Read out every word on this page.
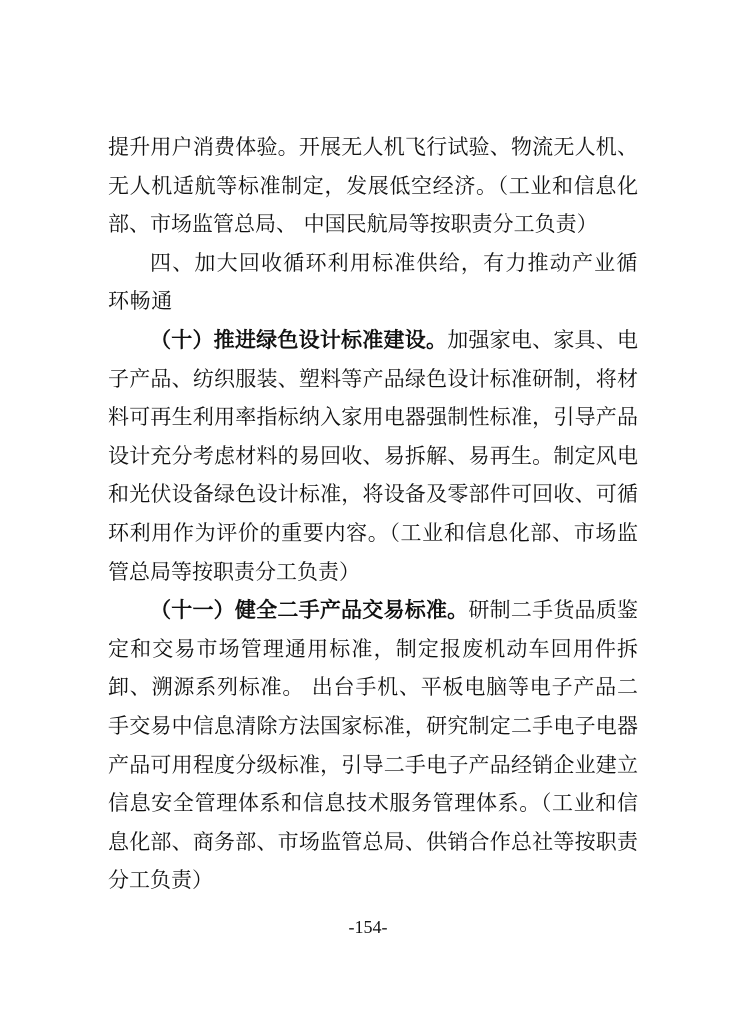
提升用户消费体验。开展无人机飞行试验、物流无人机、无人机适航等标准制定，发展低空经济。（工业和信息化部、市场监管总局、 中国民航局等按职责分工负责）

四、加大回收循环利用标准供给，有力推动产业循环畅通

（十）推进绿色设计标准建设。加强家电、家具、电子产品、纺织服装、塑料等产品绿色设计标准研制，将材料可再生利用率指标纳入家用电器强制性标准，引导产品设计充分考虑材料的易回收、易拆解、易再生。制定风电和光伏设备绿色设计标准，将设备及零部件可回收、可循环利用作为评价的重要内容。（工业和信息化部、市场监管总局等按职责分工负责）

（十一）健全二手产品交易标准。研制二手货品质鉴定和交易市场管理通用标准，制定报废机动车回用件拆卸、溯源系列标准。 出台手机、平板电脑等电子产品二手交易中信息清除方法国家标准，研究制定二手电子电器产品可用程度分级标准，引导二手电子产品经销企业建立信息安全管理体系和信息技术服务管理体系。（工业和信息化部、商务部、市场监管总局、供销合作总社等按职责分工负责）

-154-
